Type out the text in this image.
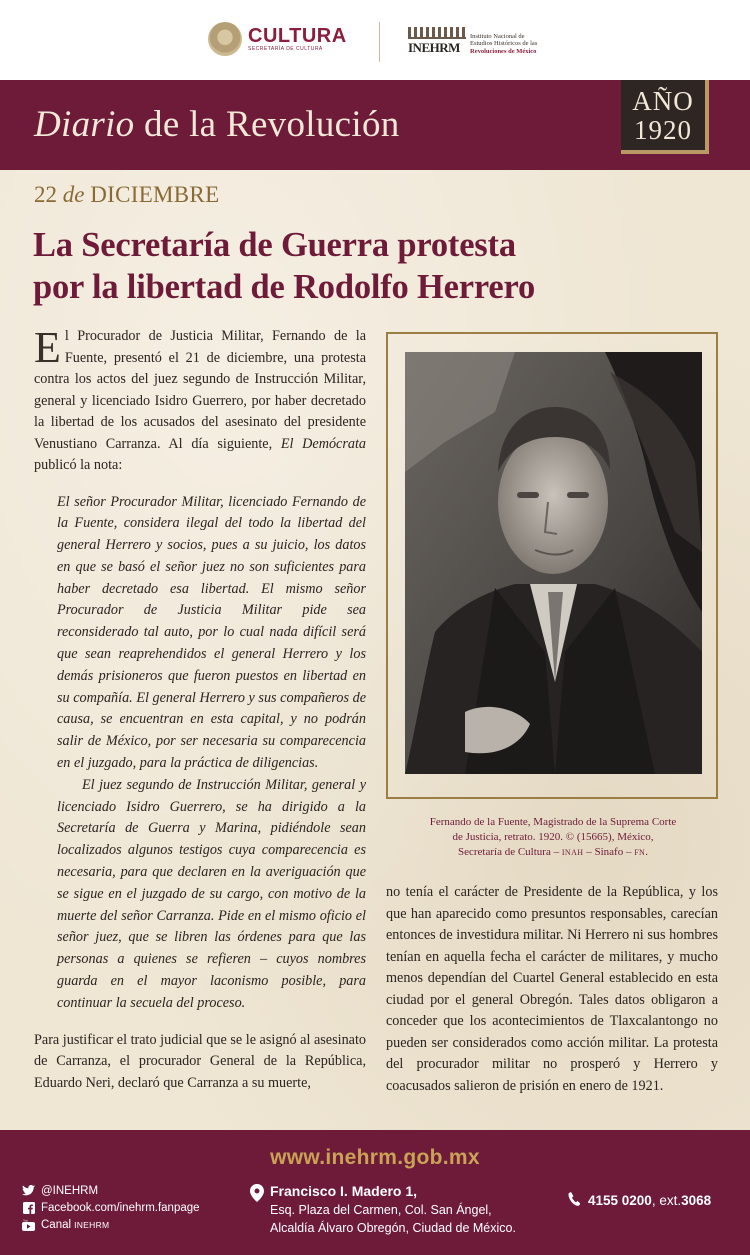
CULTURA
SECRETARÍA DE CULTURA	INEHRM
Instituto Nacional de
Estudios Históricos de las
Revoluciones de México
Diario de la Revolución
AÑO
1920
22 de DICIEMBRE
La Secretaría de Guerra protesta
por la libertad de Rodolfo Herrero
El Procurador de Justicia Militar, Fernando de la Fuente, presentó el 21 de diciembre, una protesta contra los actos del juez segundo de Instrucción Militar, general y licenciado Isidro Guerrero, por haber decretado la libertad de los acusados del asesinato del presidente Venustiano Carranza. Al día siguiente, El Demócrata publicó la nota:

El señor Procurador Militar, licenciado Fernando de la Fuente, considera ilegal del todo la libertad del general Herrero y socios, pues a su juicio, los datos en que se basó el señor juez no son suficientes para haber decretado esa libertad. El mismo señor Procurador de Justicia Militar pide sea reconsiderado tal auto, por lo cual nada difícil será que sean reaprehendidos el general Herrero y los demás prisioneros que fueron puestos en libertad en su compañía. El general Herrero y sus compañeros de causa, se encuentran en esta capital, y no podrán salir de México, por ser necesaria su comparecencia en el juzgado, para la práctica de diligencias.

El juez segundo de Instrucción Militar, general y licenciado Isidro Guerrero, se ha dirigido a la Secretaría de Guerra y Marina, pidiéndole sean localizados algunos testigos cuya comparecencia es necesaria, para que declaren en la averiguación que se sigue en el juzgado de su cargo, con motivo de la muerte del señor Carranza. Pide en el mismo oficio el señor juez, que se libren las órdenes para que las personas a quienes se refieren – cuyos nombres guarda en el mayor laconismo posible, para continuar la secuela del proceso.

Para justificar el trato judicial que se le asignó al asesinato de Carranza, el procurador General de la República, Eduardo Neri, declaró que Carranza a su muerte,
Fernando de la Fuente, Magistrado de la Suprema Corte
de Justicia, retrato. 1920. © (15665), México,
Secretaría de Cultura – INAH – Sinafo – FN.
no tenía el carácter de Presidente de la República, y los que han aparecido como presuntos responsables, carecían entonces de investidura militar. Ni Herrero ni sus hombres tenían en aquella fecha el carácter de militares, y mucho menos dependían del Cuartel General establecido en esta ciudad por el general Obregón. Tales datos obligaron a conceder que los acontecimientos de Tlaxcalantongo no pueden ser considerados como acción militar. La protesta del procurador militar no prosperó y Herrero y coacusados salieron de prisión en enero de 1921.
www.inehrm.gob.mx
@INEHRM
Facebook.com/inehrm.fanpage
You Canal INEHRM
Francisco I. Madero 1,
Esq. Plaza del Carmen, Col. San Ángel,
Alcaldía Álvaro Obregón, Ciudad de México.
4155 0200 , ext. 3068
